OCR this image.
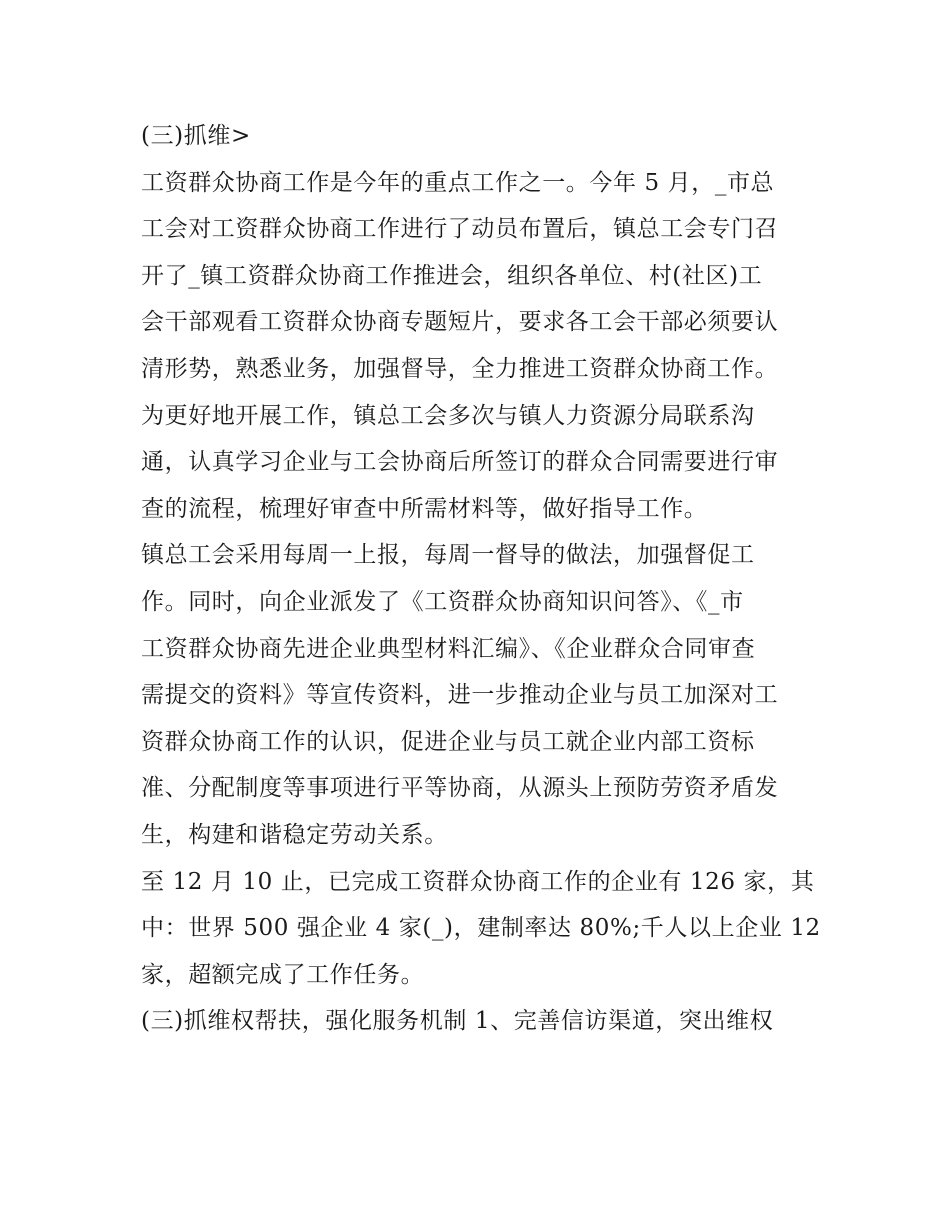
(三)抓维>

工资群众协商工作是今年的重点工作之一。今年 5 月，_市总
工会对工资群众协商工作进行了动员布置后，镇总工会专门召
开了_镇工资群众协商工作推进会，组织各单位、村(社区)工
会干部观看工资群众协商专题短片，要求各工会干部必须要认
清形势，熟悉业务，加强督导，全力推进工资群众协商工作。
为更好地开展工作，镇总工会多次与镇人力资源分局联系沟
通，认真学习企业与工会协商后所签订的群众合同需要进行审
查的流程，梳理好审查中所需材料等，做好指导工作。

镇总工会采用每周一上报，每周一督导的做法，加强督促工
作。同时，向企业派发了《工资群众协商知识问答》、《_市
工资群众协商先进企业典型材料汇编》、《企业群众合同审查
需提交的资料》等宣传资料，进一步推动企业与员工加深对工
资群众协商工作的认识，促进企业与员工就企业内部工资标
准、分配制度等事项进行平等协商，从源头上预防劳资矛盾发
生，构建和谐稳定劳动关系。

至 12 月 10 止，已完成工资群众协商工作的企业有 126 家，其
中：世界 500 强企业 4 家(_)，建制率达 80%;千人以上企业 12
家，超额完成了工作任务。

(三)抓维权帮扶，强化服务机制 1、完善信访渠道，突出维权
